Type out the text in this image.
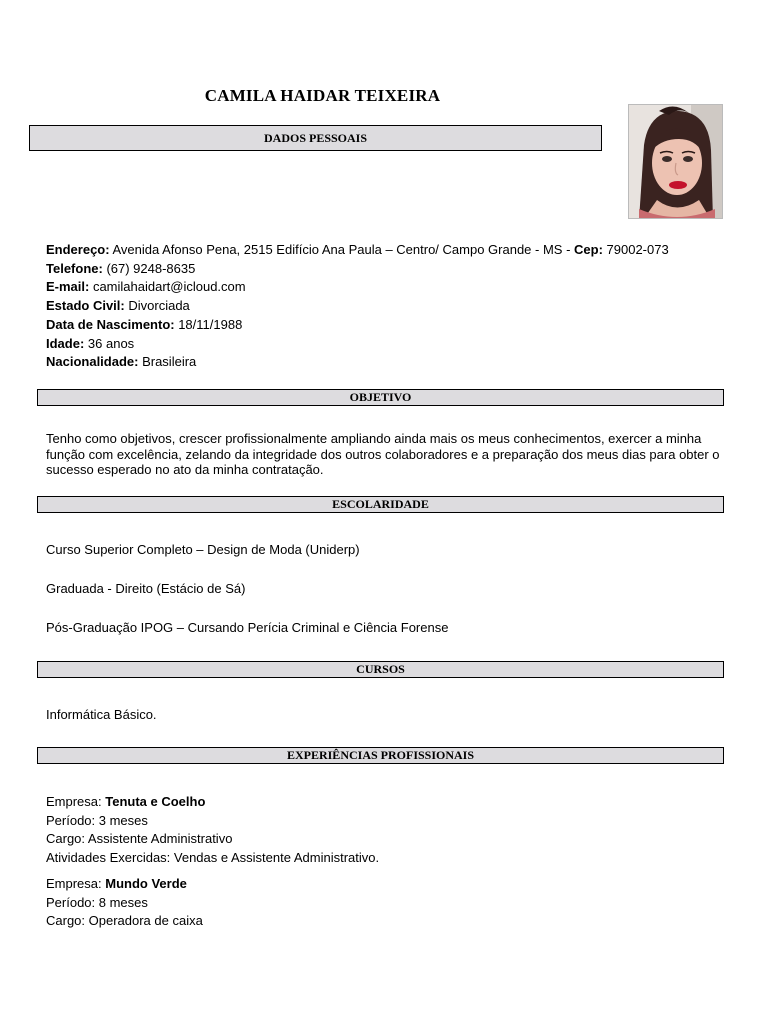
CAMILA HAIDAR TEIXEIRA
DADOS PESSOAIS

Endereço: Avenida Afonso Pena, 2515 Edifício Ana Paula – Centro/ Campo Grande - MS - Cep: 79002-073

Telefone: (67) 9248-8635

E-mail: camilahaidart@icloud.com

Estado Civil: Divorciada

Data de Nascimento: 18/11/1988

Idade: 36 anos

Nacionalidade: Brasileira

OBJETIVO

Tenho como objetivos, crescer profissionalmente ampliando ainda mais os meus conhecimentos, exercer a minha função com excelência, zelando da integridade dos outros colaboradores e a preparação dos meus dias para obter o sucesso esperado no ato da minha contratação.

ESCOLARIDADE

Curso Superior Completo – Design de Moda (Uniderp)

Graduada - Direito (Estácio de Sá)

Pós-Graduação IPOG – Cursando Perícia Criminal e Ciência Forense

CURSOS

Informática Básico.

EXPERIÊNCIAS PROFISSIONAIS

Empresa: Tenuta e Coelho

Período: 3 meses

Cargo: Assistente Administrativo

Atividades Exercidas: Vendas e Assistente Administrativo.

Empresa: Mundo Verde

Período: 8 meses

Cargo: Operadora de caixa
